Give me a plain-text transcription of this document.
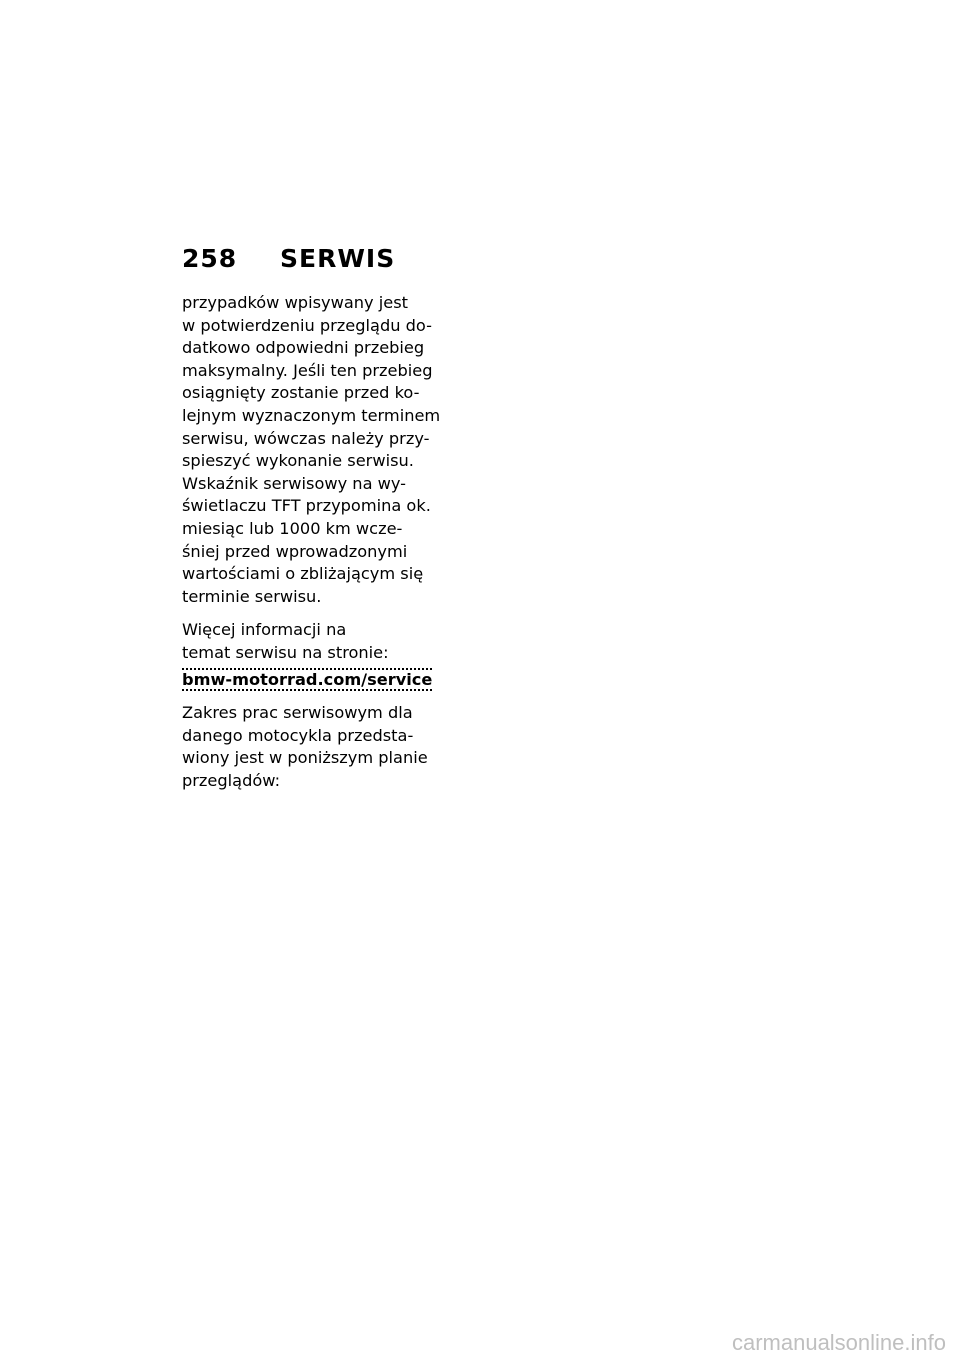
258 SERWIS
przypadków wpisywany jest
w potwierdzeniu przeglądu do-
datkowo odpowiedni przebieg
maksymalny. Jeśli ten przebieg
osiągnięty zostanie przed ko-
lejnym wyznaczonym terminem
serwisu, wówczas należy przy-
spieszyć wykonanie serwisu.
Wskaźnik serwisowy na wy-
świetlaczu TFT przypomina ok.
miesiąc lub 1000 km wcze-
śniej przed wprowadzonymi
wartościami o zbliżającym się
terminie serwisu.
Więcej informacji na
temat serwisu na stronie:
bmw-motorrad.com/service
Zakres prac serwisowym dla
danego motocykla przedsta-
wiony jest w poniższym planie
przeglądów:
carmanualsonline.info
